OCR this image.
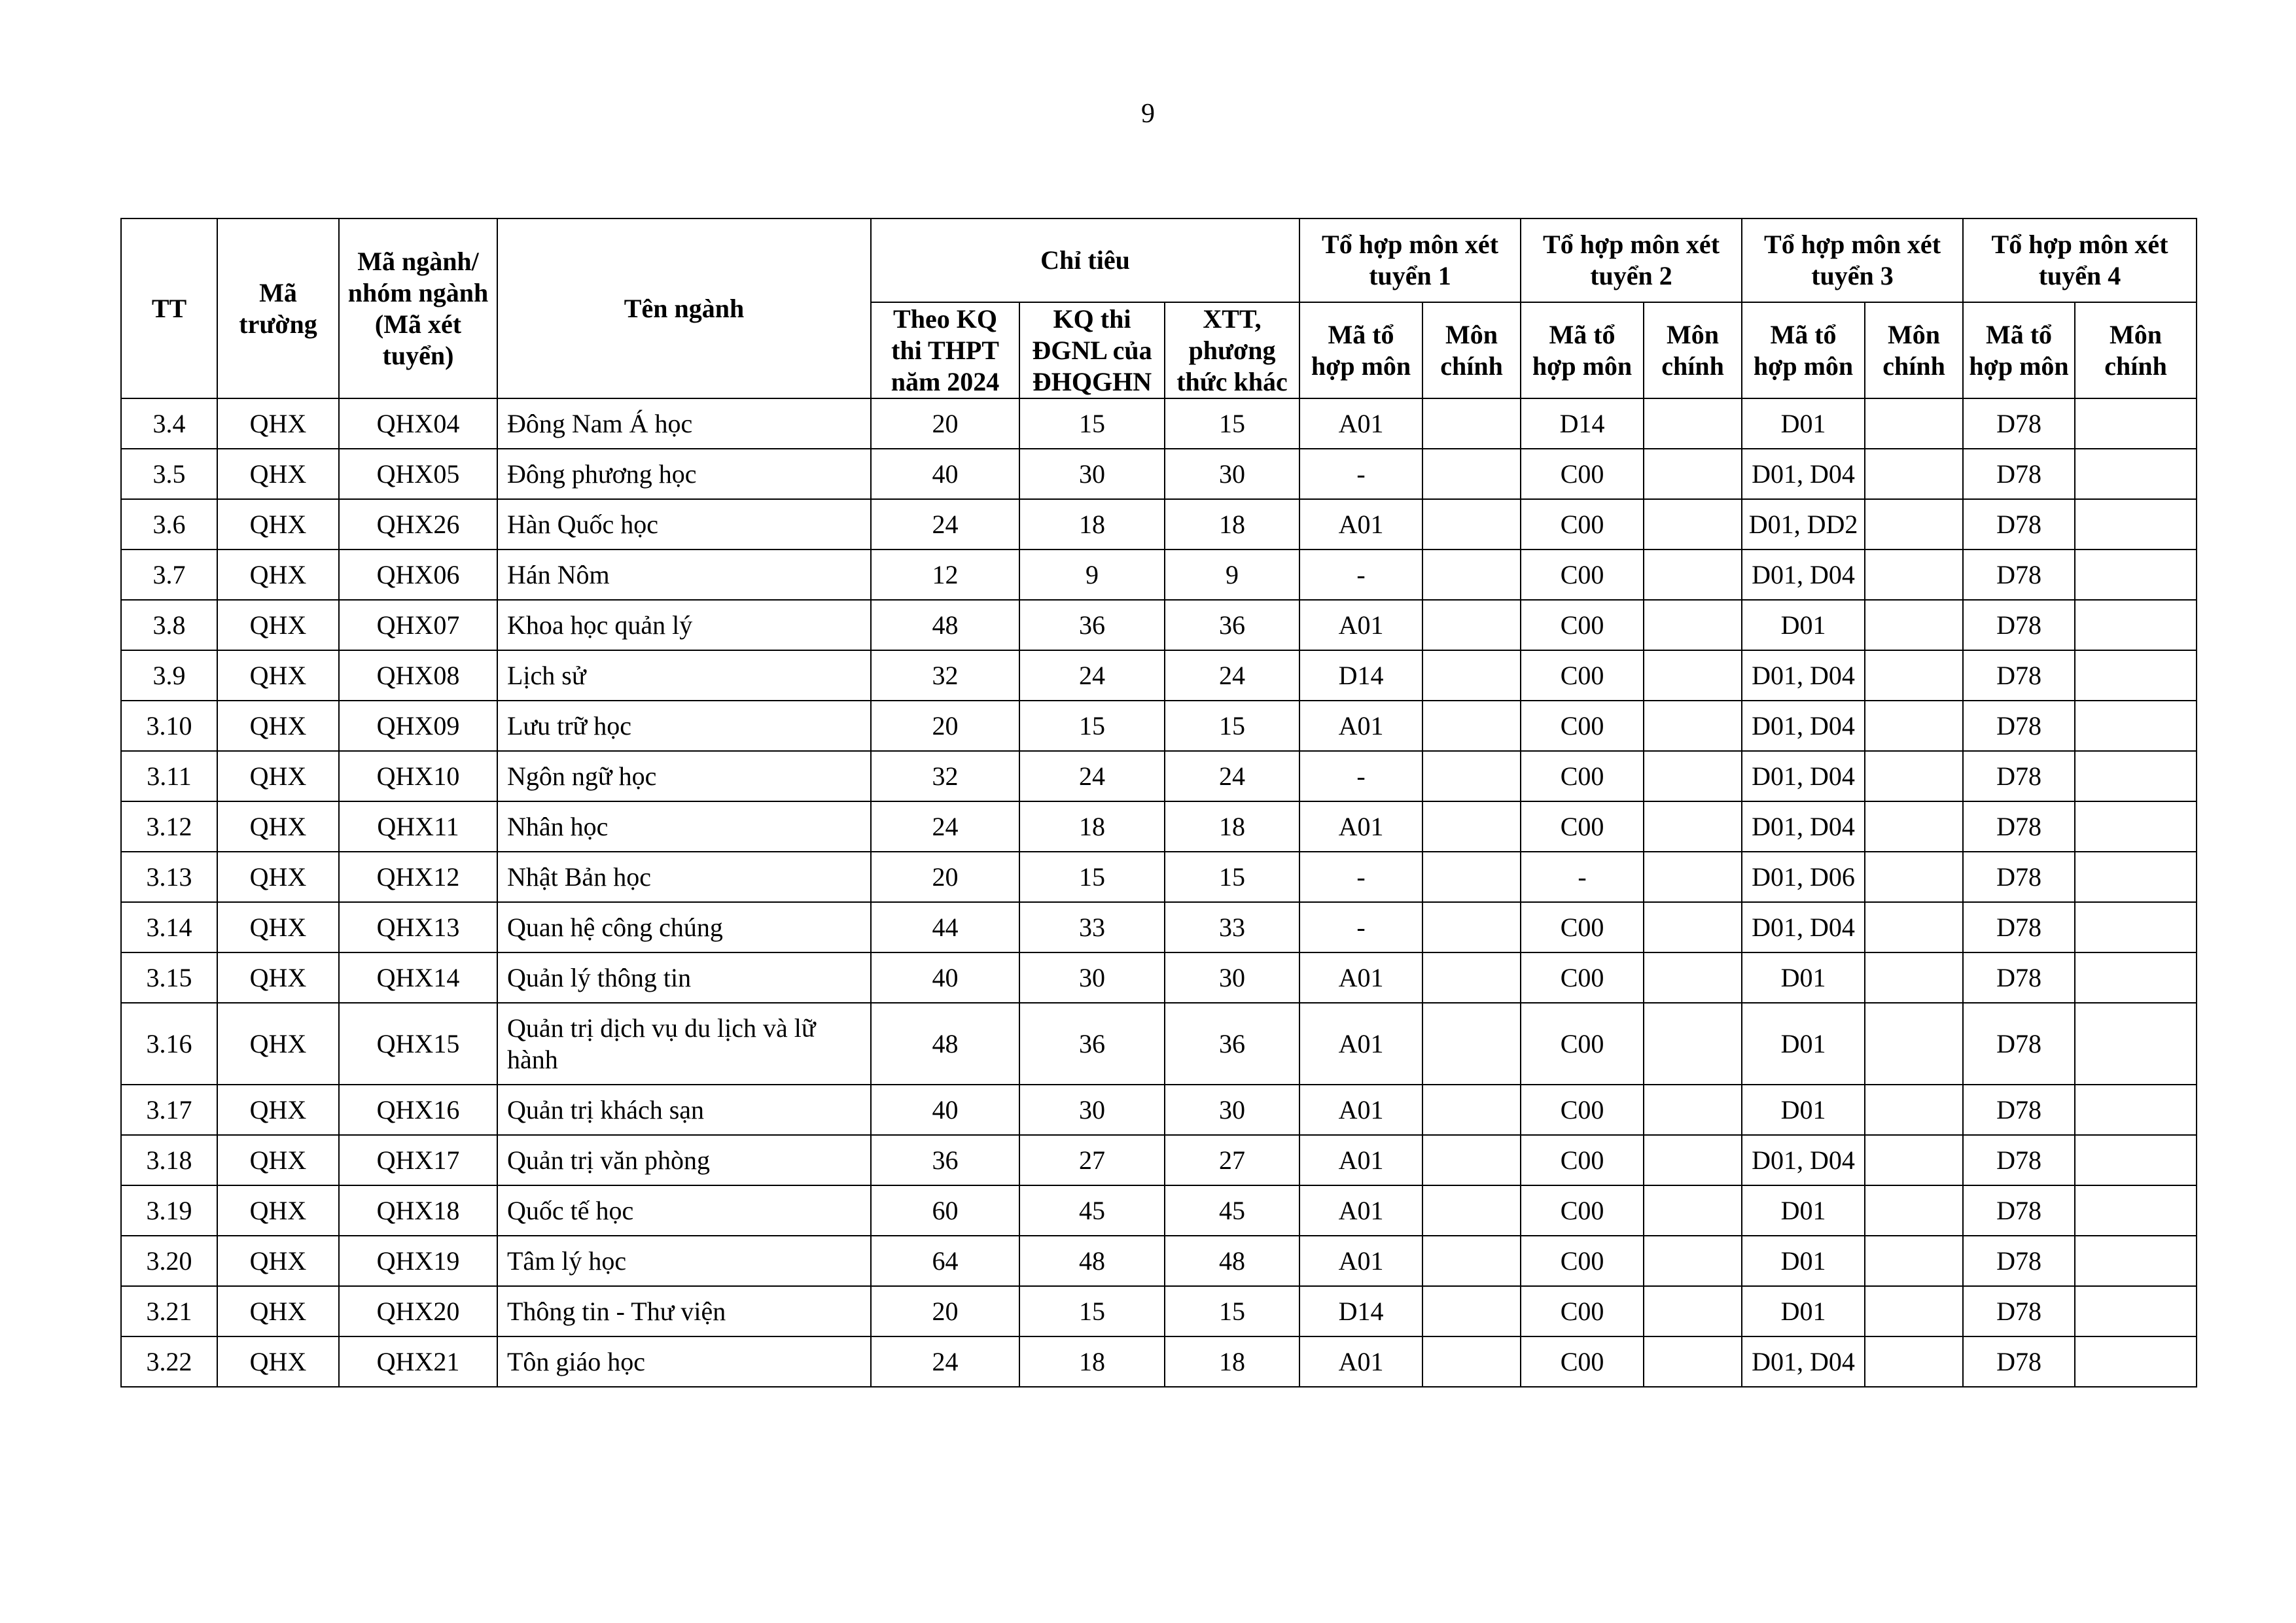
9
TT	Mã trường	Mã ngành/ nhóm ngành (Mã xét tuyển)	Tên ngành	Chỉ tiêu			Tổ hợp môn xét tuyển 1		Tổ hợp môn xét tuyển 2		Tổ hợp môn xét tuyển 3		Tổ hợp môn xét tuyển 4	
				Theo KQ thi THPT năm 2024	KQ thi ĐGNL của ĐHQGHN	XTT, phương thức khác	Mã tổ hợp môn	Môn chính	Mã tổ hợp môn	Môn chính	Mã tổ hợp môn	Môn chính	Mã tổ hợp môn	Môn chính
3.4	QHX	QHX04	Đông Nam Á học	20	15	15	A01		D14		D01		D78	
3.5	QHX	QHX05	Đông phương học	40	30	30	-		C00		D01, D04		D78	
3.6	QHX	QHX26	Hàn Quốc học	24	18	18	A01		C00		D01, DD2		D78	
3.7	QHX	QHX06	Hán Nôm	12	9	9	-		C00		D01, D04		D78	
3.8	QHX	QHX07	Khoa học quản lý	48	36	36	A01		C00		D01		D78	
3.9	QHX	QHX08	Lịch sử	32	24	24	D14		C00		D01, D04		D78	
3.10	QHX	QHX09	Lưu trữ học	20	15	15	A01		C00		D01, D04		D78	
3.11	QHX	QHX10	Ngôn ngữ học	32	24	24	-		C00		D01, D04		D78	
3.12	QHX	QHX11	Nhân học	24	18	18	A01		C00		D01, D04		D78	
3.13	QHX	QHX12	Nhật Bản học	20	15	15	-		-		D01, D06		D78	
3.14	QHX	QHX13	Quan hệ công chúng	44	33	33	-		C00		D01, D04		D78	
3.15	QHX	QHX14	Quản lý thông tin	40	30	30	A01		C00		D01		D78	
3.16	QHX	QHX15	Quản trị dịch vụ du lịch và lữ hành	48	36	36	A01		C00		D01		D78	
3.17	QHX	QHX16	Quản trị khách sạn	40	30	30	A01		C00		D01		D78	
3.18	QHX	QHX17	Quản trị văn phòng	36	27	27	A01		C00		D01, D04		D78	
3.19	QHX	QHX18	Quốc tế học	60	45	45	A01		C00		D01		D78	
3.20	QHX	QHX19	Tâm lý học	64	48	48	A01		C00		D01		D78	
3.21	QHX	QHX20	Thông tin - Thư viện	20	15	15	D14		C00		D01		D78	
3.22	QHX	QHX21	Tôn giáo học	24	18	18	A01		C00		D01, D04		D78	
